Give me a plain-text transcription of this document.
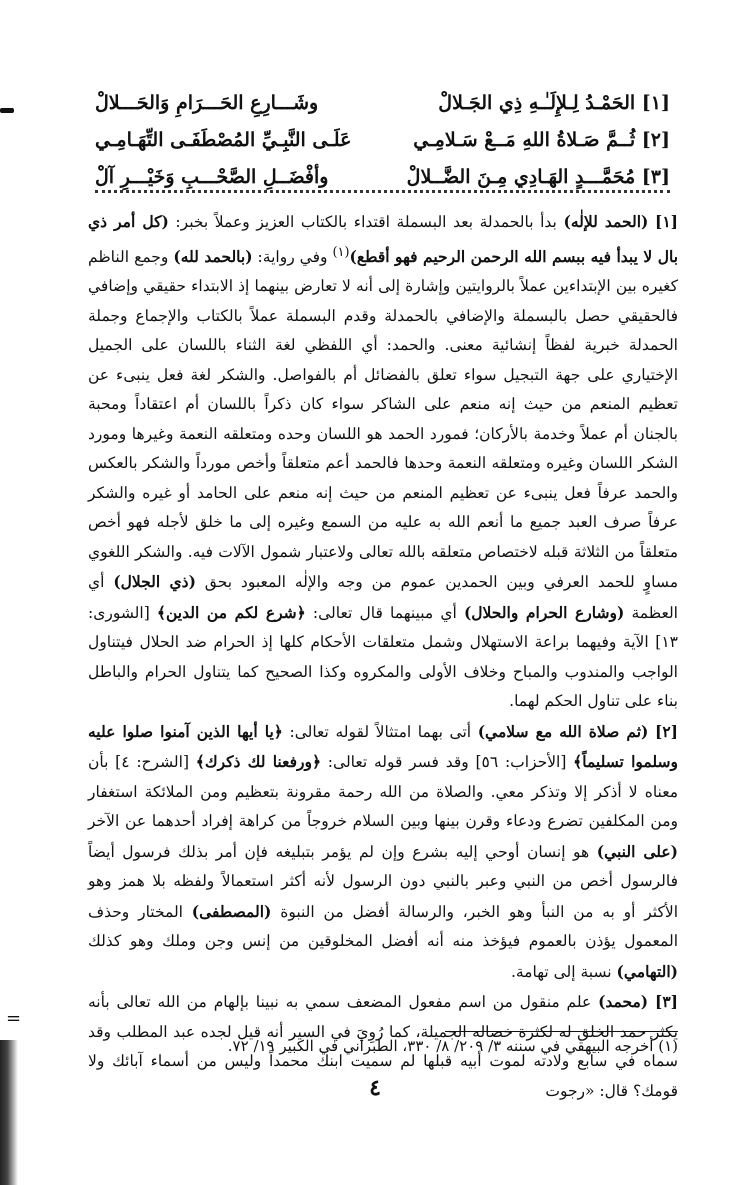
=
[١] الحَمْـدُ لِـلإِلَـٰـهِ ذِي الجَـلالْ
وشَـــارِعِ الحَـــرَامِ وَالحَـــلالْ
[٢] ثُــمَّ صَـلاةُ اللهِ مَــعْ سَـلامِـي
عَلَـى النَّبِـيِّ المُصْطَفَـى التِّهَـامِـي
[٣] مُحَمَّـــدٍ الهَـادِي مِـنَ الضَّــلالْ
وأفْضَــلِ الصَّحْـــبِ وَخَيْـــرِ آلْ

[١] (الحمد للإلٰه) بدأ بالحمدلة بعد البسملة اقتداء بالكتاب العزيز وعملاً بخبر: (كل أمر ذي بال لا يبدأ فيه ببسم الله الرحمن الرحيم فهو أقطع)$^{(١)}$ وفي رواية: (بالحمد لله) وجمع الناظم كغيره بين الإبتداءين عملاً بالروايتين وإشارة إلى أنه لا تعارض بينهما إذ الابتداء حقيقي وإضافي فالحقيقي حصل بالبسملة والإضافي بالحمدلة وقدم البسملة عملاً بالكتاب والإجماع وجملة الحمدلة خبرية لفظاً إنشائية معنى. والحمد: أي اللفظي لغة الثناء باللسان على الجميل الإختياري على جهة التبجيل سواء تعلق بالفضائل أم بالفواصل. والشكر لغة فعل ينبىء عن تعظيم المنعم من حيث إنه منعم على الشاكر سواء كان ذكراً باللسان أم اعتقاداً ومحبة بالجنان أم عملاً وخدمة بالأركان؛ فمورد الحمد هو اللسان وحده ومتعلقه النعمة وغيرها ومورد الشكر اللسان وغيره ومتعلقه النعمة وحدها فالحمد أعم متعلقاً وأخص مورداً والشكر بالعكس والحمد عرفاً فعل ينبىء عن تعظيم المنعم من حيث إنه منعم على الحامد أو غيره والشكر عرفاً صرف العبد جميع ما أنعم الله به عليه من السمع وغيره إلى ما خلق لأجله فهو أخص متعلقاً من الثلاثة قبله لاختصاص متعلقه بالله تعالى ولاعتبار شمول الآلات فيه. والشكر اللغوي مساوٍ للحمد العرفي وبين الحمدين عموم من وجه والإلٰه المعبود بحق (ذي الجلال) أي العظمة (وشارع الحرام والحلال) أي مبينهما قال تعالى: ﴿شرع لكم من الدين﴾ [الشورى: ١٣] الآية وفيهما براعة الاستهلال وشمل متعلقات الأحكام كلها إذ الحرام ضد الحلال فيتناول الواجب والمندوب والمباح وخلاف الأولى والمكروه وكذا الصحيح كما يتناول الحرام والباطل بناء على تناول الحكم لهما.

[٢] (ثم صلاة الله مع سلامي) أتى بهما امتثالاً لقوله تعالى: ﴿يا أيها الذين آمنوا صلوا عليه وسلموا تسليماً﴾ [الأحزاب: ٥٦] وقد فسر قوله تعالى: ﴿ورفعنا لك ذكرك﴾ [الشرح: ٤] بأن معناه لا أذكر إلا وتذكر معي. والصلاة من الله رحمة مقرونة بتعظيم ومن الملائكة استغفار ومن المكلفين تضرع ودعاء وقرن بينها وبين السلام خروجاً من كراهة إفراد أحدهما عن الآخر (على النبي) هو إنسان أوحي إليه بشرع وإن لم يؤمر بتبليغه فإن أمر بذلك فرسول أيضاً فالرسول أخص من النبي وعبر بالنبي دون الرسول لأنه أكثر استعمالاً ولفظه بلا همز وهو الأكثر أو به من النبأ وهو الخبر، والرسالة أفضل من النبوة (المصطفى) المختار وحذف المعمول يؤذن بالعموم فيؤخذ منه أنه أفضل المخلوقين من إنس وجن وملك وهو كذلك (التهامي) نسبة إلى تهامة.

[٣] (محمد) علم منقول من اسم مفعول المضعف سمي به نبينا بإلهام من الله تعالى بأنه يكثر حمد الخلق له لكثرة خصاله الجميلة، كما رُوِيَ في السير أنه قيل لجده عبد المطلب وقد سماه في سابع ولادته لموت أبيه قبلها لم سميت ابنك محمداً وليس من أسماء آبائك ولا قومك؟ قال: «رجوت

(١) أخرجه البيهقي في سننه ٣/ ٢٠٩/ ٨/ ٣٣٠، الطبراني في الكبير ١٩/ ٧٢.
٤
